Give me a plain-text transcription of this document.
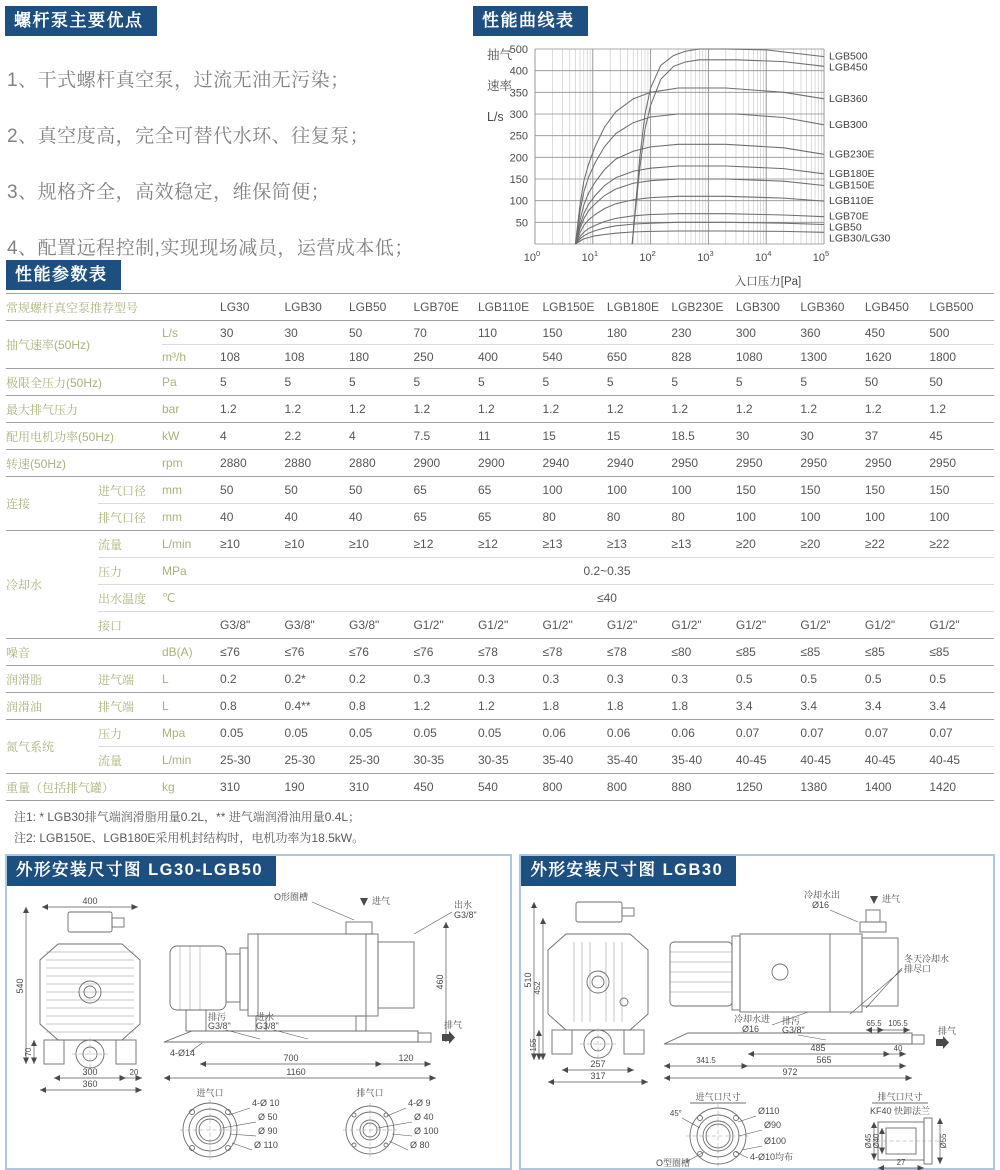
螺杆泵主要优点
1、干式螺杆真空泵，过流无油无污染；
2、真空度高，完全可替代水环、往复泵；
3、规格齐全，高效稳定，维保简便；
4、配置远程控制,实现现场减员，运营成本低；
性能曲线表
50
100
150
200
250
300
350
400
500
$10^0$	$10^1$	$10^2$	$10^3$	$10^4$	$10^5$
抽气
速率
L/s
入口压力[Pa]
LGB500
LGB450
LGB360
LGB300
LGB230E
LGB180E
LGB150E
LGB110E
LGB70E
LGB50
LGB30/LG30
性能参数表
常规螺杆真空泵推荐型号			LG30	LGB30	LGB50	LGB70E	LGB110E	LGB150E	LGB180E	LGB230E	LGB300	LGB360	LGB450	LGB500
抽气速率(50Hz)		L/s	30	30	50	70	110	150	180	230	300	360	450	500
		m³/h	108	108	180	250	400	540	650	828	1080	1300	1620	1800
极限全压力(50Hz)		Pa	5	5	5	5	5	5	5	5	5	5	50	50
最大排气压力		bar	1.2	1.2	1.2	1.2	1.2	1.2	1.2	1.2	1.2	1.2	1.2	1.2
配用电机功率(50Hz)		kW	4	2.2	4	7.5	11	15	15	18.5	30	30	37	45
转速(50Hz)		rpm	2880	2880	2880	2900	2900	2940	2940	2950	2950	2950	2950	2950
连接	进气口径	mm	50	50	50	65	65	100	100	100	150	150	150	150
	排气口径	mm	40	40	40	65	65	80	80	80	100	100	100	100
冷却水	流量	L/min	≥10	≥10	≥10	≥12	≥12	≥13	≥13	≥13	≥20	≥20	≥22	≥22
	压力	MPa	0.2~0.35											
	出水温度	℃	≤40											
	接口		G3/8"	G3/8"	G3/8"	G1/2"	G1/2"	G1/2"	G1/2"	G1/2"	G1/2"	G1/2"	G1/2"	G1/2"
噪音		dB(A)	≤76	≤76	≤76	≤76	≤78	≤78	≤78	≤80	≤85	≤85	≤85	≤85
润滑脂	进气端	L	0.2	0.2*	0.2	0.3	0.3	0.3	0.3	0.3	0.5	0.5	0.5	0.5
润滑油	排气端	L	0.8	0.4**	0.8	1.2	1.2	1.8	1.8	1.8	3.4	3.4	3.4	3.4
氮气系统	压力	Mpa	0.05	0.05	0.05	0.05	0.05	0.06	0.06	0.06	0.07	0.07	0.07	0.07
	流量	L/min	25-30	25-30	25-30	30-35	30-35	35-40	35-40	35-40	40-45	40-45	40-45	40-45
重量（包括排气罐）		kg	310	190	310	450	540	800	800	880	1250	1380	1400	1420

注1: * LGB30排气端润滑脂用量0.2L，** 进气端润滑油用量0.4L；

注2: LGB150E、LGB180E采用机封结构时，电机功率为18.5kW。

外形安装尺寸图 LG30-LGB50
400
540
70
300	20
360
O形圈槽	进气	出水
G3/8"
460
排气
排污
G3/8"
进水
G3/8"
4-Ø14	700	120
1160
进气口
4-Ø 10
Ø 50
Ø 90
Ø 110
排气口
4-Ø 9
Ø 40
Ø 100
Ø 80
外形安装尺寸图 LGB30
510
452
155
257
317
冷却水出
Ø16
进气
冬天冷却水
排尽口
冷却水进
Ø16
排污
G3/8"
65.5 105.5
排气
485	40
341.5	565
972
进气口尺寸
45°	Ø110
Ø90
Ø100
4-Ø10均布
O型圈槽
排气口尺寸
KF40 快卸法兰
Ø45 Ø40	Ø55
27
